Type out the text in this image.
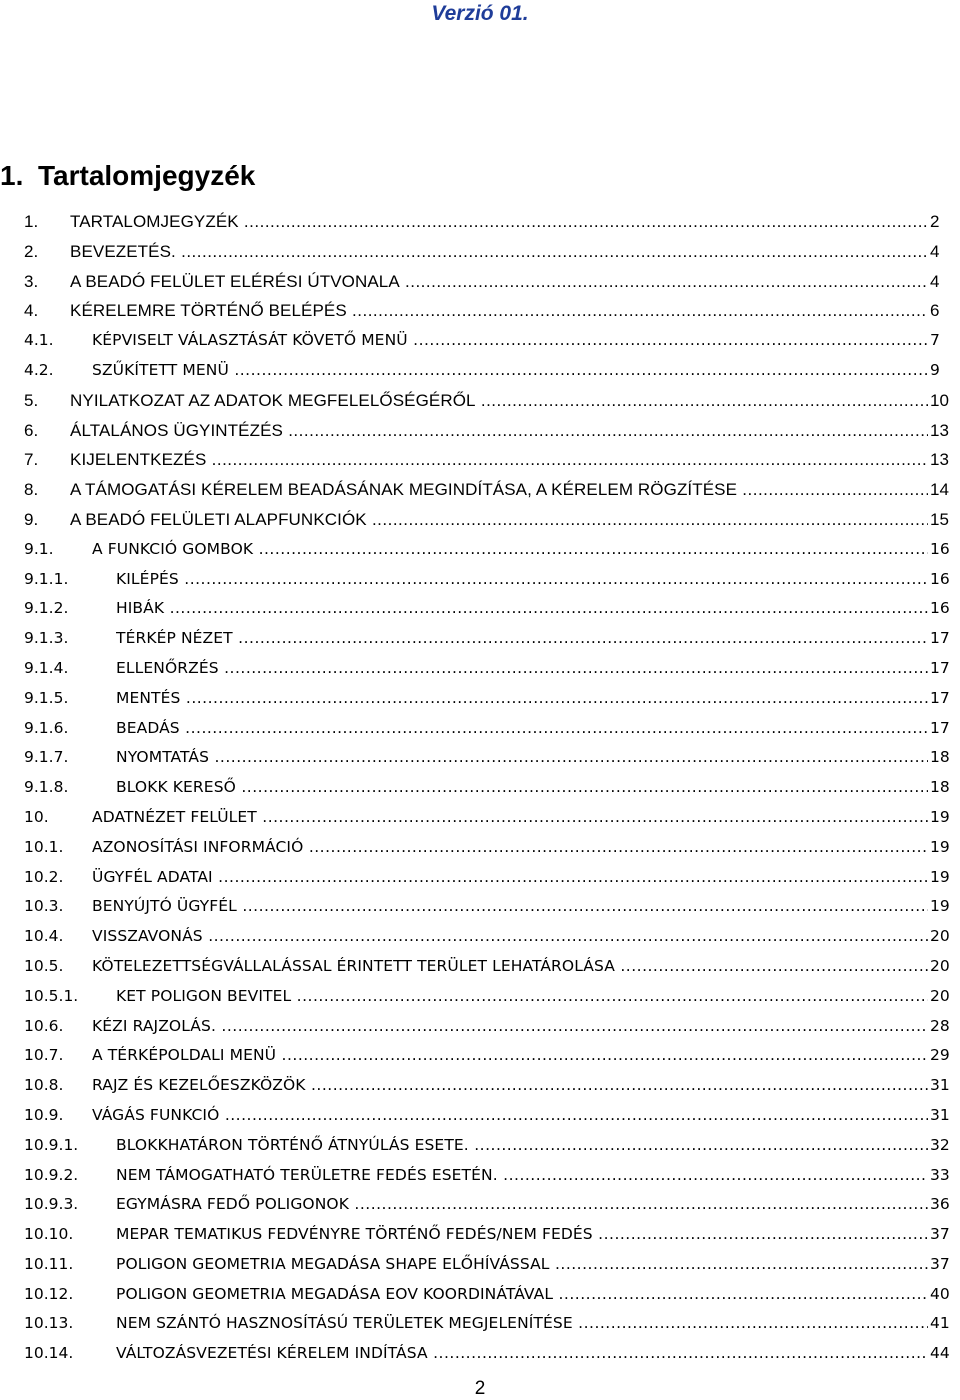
Verzió 01.
1. Tartalomjegyzék
1. TARTALOMJEGYZÉK .....	2
2. BEVEZETÉS. .....	4
3. A BEADÓ FELÜLET ELÉRÉSI ÚTVONALA .....	4
4. KÉRELEMRE TÖRTÉNŐ BELÉPÉS .....	6
4.1. KÉPVISELT VÁLASZTÁSÁT KÖVETŐ MENÜ .....	7
4.2. SZŰKÍTETT MENÜ .....	9
5. NYILATKOZAT AZ ADATOK MEGFELELŐSÉGÉRŐL .....	10
6. ÁLTALÁNOS ÜGYINTÉZÉS .....	13
7. KIJELENTKEZÉS .....	13
8. A TÁMOGATÁSI KÉRELEM BEADÁSÁNAK MEGINDÍTÁSA, A KÉRELEM RÖGZÍTÉSE .....	14
9. A BEADÓ FELÜLETI ALAPFUNKCIÓK .....	15
9.1. A FUNKCIÓ GOMBOK .....	16
9.1.1.	KILÉPÉS .....	16
9.1.2.	HIBÁK .....	16
9.1.3.	TÉRKÉP NÉZET .....	17
9.1.4.	ELLENŐRZÉS .....	17
9.1.5.	MENTÉS .....	17
9.1.6.	BEADÁS .....	17
9.1.7.	NYOMTATÁS .....	18
9.1.8.	BLOKK KERESŐ .....	18
10.	ADATNÉZET FELÜLET .....	19
10.1. AZONOSÍTÁSI INFORMÁCIÓ .....	19
10.2. ÜGYFÉL ADATAI .....	19
10.3. BENYÚJTÓ ÜGYFÉL .....	19
10.4. VISSZAVONÁS .....	20
10.5. KÖTELEZETTSÉGVÁLLALÁSSAL ÉRINTETT TERÜLET LEHATÁROLÁSA .....	20
10.5.1. KET POLIGON BEVITEL .....	20
10.6. KÉZI RAJZOLÁS. .....	28
10.7. A TÉRKÉPOLDALI MENÜ .....	29
10.8. RAJZ ÉS KEZELŐESZKÖZÖK .....	31
10.9. VÁGÁS FUNKCIÓ .....	31
10.9.1. BLOKKHATÁRON TÖRTÉNŐ ÁTNYÚLÁS ESETE. .....	32
10.9.2. NEM TÁMOGATHATÓ TERÜLETRE FEDÉS ESETÉN. .....	33
10.9.3. EGYMÁSRA FEDŐ POLIGONOK .....	36
10.10.	MEPAR TEMATIKUS FEDVÉNYRE TÖRTÉNŐ FEDÉS/NEM FEDÉS .....	37
10.11.	POLIGON GEOMETRIA MEGADÁSA SHAPE ELŐHÍVÁSSAL .....	37
10.12.	POLIGON GEOMETRIA MEGADÁSA EOV KOORDINÁTÁVAL .....	40
10.13.	NEM SZÁNTÓ HASZNOSÍTÁSÚ TERÜLETEK MEGJELENÍTÉSE .....	41
10.14.	VÁLTOZÁSVEZETÉSI KÉRELEM INDÍTÁSA .....	44
2
